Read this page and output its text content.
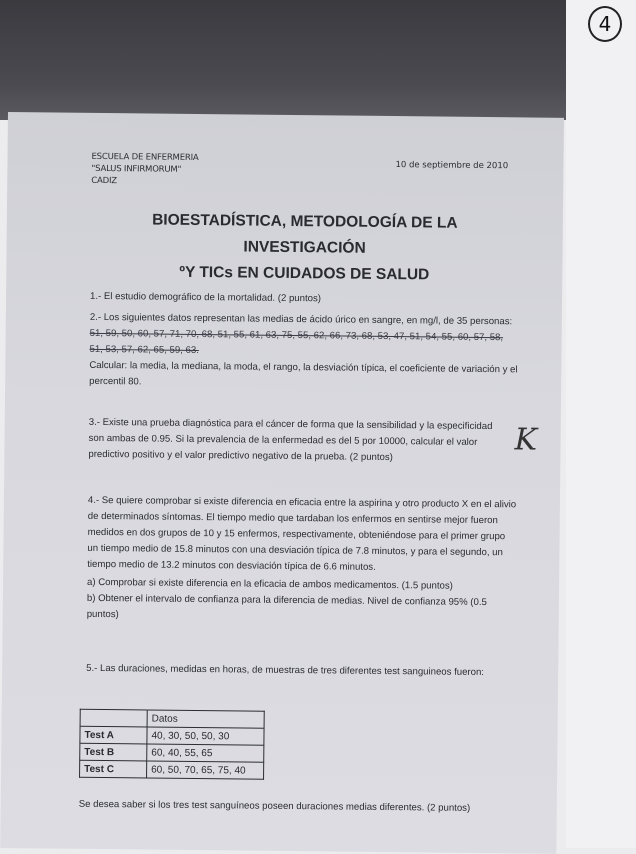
4
ESCUELA DE ENFERMERIA
"SALUS INFIRMORUM"
CADIZ
10 de septiembre de 2010
BIOESTADÍSTICA, METODOLOGÍA DE LA INVESTIGACIÓN
ºY TICs EN CUIDADOS DE SALUD
1.- El estudio demográfico de la mortalidad. (2 puntos)
2.- Los siguientes datos representan las medias de ácido úrico en sangre, en mg/l, de 35 personas:
51, 59, 50, 60, 57, 71, 70, 68, 51, 55, 61, 63, 75, 55, 62, 66, 73, 68, 53, 47, 51, 54, 55, 60, 57, 58,
51, 53, 57, 62, 65, 59, 63.
Calcular: la media, la mediana, la moda, el rango, la desviación típica, el coeficiente de variación y el percentil 80.
3.- Existe una prueba diagnóstica para el cáncer de forma que la sensibilidad y la especificidad son ambas de 0.95. Si la prevalencia de la enfermedad es del 5 por 10000, calcular el valor predictivo positivo y el valor predictivo negativo de la prueba. (2 puntos)	K
4.- Se quiere comprobar si existe diferencia en eficacia entre la aspirina y otro producto X en el alivio de determinados síntomas. El tiempo medio que tardaban los enfermos en sentirse mejor fueron medidos en dos grupos de 10 y 15 enfermos, respectivamente, obteniéndose para el primer grupo un tiempo medio de 15.8 minutos con una desviación típica de 7.8 minutos, y para el segundo, un tiempo medio de 13.2 minutos con desviación típica de 6.6 minutos.
a) Comprobar si existe diferencia en la eficacia de ambos medicamentos. (1.5 puntos)
b) Obtener el intervalo de confianza para la diferencia de medias. Nivel de confianza 95% (0.5 puntos)
5.- Las duraciones, medidas en horas, de muestras de tres diferentes test sanguineos fueron:
	Datos
Test A	40, 30, 50, 50, 30
Test B	60, 40, 55, 65
Test C	60, 50, 70, 65, 75, 40
Se desea saber si los tres test sanguíneos poseen duraciones medias diferentes. (2 puntos)
